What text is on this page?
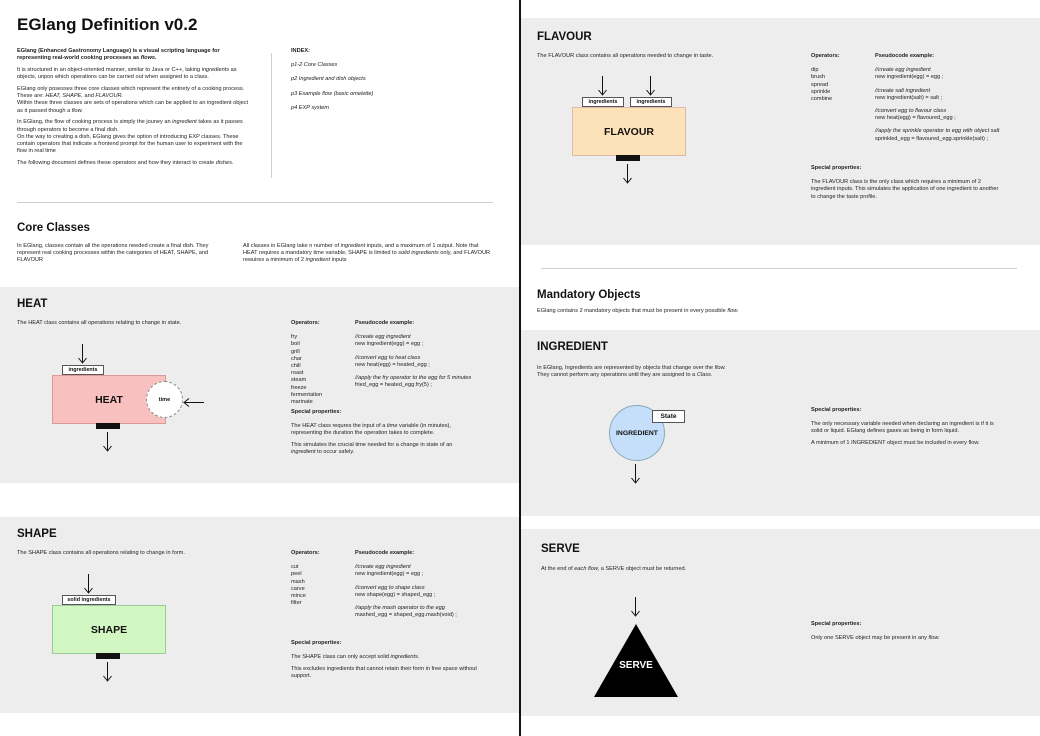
EGlang Definition v0.2

EGlang (Enhanced Gastronomy Language) is a visual scripting language for representing real-world cooking processes as flows.

It is structured in an object-oriented manner, similar to Java or C++, taking ingredients as objects, unpon which operations can be carried out when assigned to a class.

EGlang only posesses three core classes which represent the entirety of a cooking process. These are: HEAT, SHAPE, and FLAVOUR.
Within these three classes are sets of operations which can be applied to an ingredient object as it passed though a flow.

In EGlang, the flow of cooking process is simply the jouney an ingredient takes as it passes through operators to become a final dish.
On the way to creating a dish, EGlang gives the option of introducing EXP classes. These contain operators that indicate a frontend prompt for the human user to experiment with the flow in real time

The following document defines these operators and how they interact to create dishes.

INDEX:
p1-2 Core Classes
p2 Ingredient and dish objects
p3 Example flow (basic omelette)
p4 EXP system
Core Classes
In EGlang, classes contain all the operations needed create a final dish. They represent real cooking processes within the categories of HEAT, SHAPE, and FLAVOUR
All classes in EGlang take n number of ingredient inputs, and a maximum of 1 output. Note that HEAT requires a mandatory time variable, SHAPE is limited to solid ingredients only, and FLAVOUR rewuires a minimum of 2 ingredient inputs
HEAT
The HEAT class contains all operations relating to change in state.
ingredients
HEAT	time
Operators:
fry
boil
grill
char
chill
roast
steam
freeze
fermentation
marinate
Pseudocode example:
//create egg ingredient
new ingredient(egg) = egg ;
//convert egg to heat class
new heat(egg) = heated_egg ;
//apply the fry operator to the egg for 5 minutes
fried_egg = heated_egg.fry(5) ;
Special properties:

The HEAT class requres the input of a time variable (in minutes), representing the duration the operation takes to complete.

This simulates the crucial time needed for a change in state of an ingredient to occur safely.

SHAPE
The SHAPE class contains all operations relating to change in form.
solid ingredients
SHAPE
Operators:
cut
peel
mash
carve
mince
filter
Pseudocode example:
//create egg ingredient
new ingredient(egg) = egg ;
//convert egg to shape class
new shape(egg) = shaped_egg ;
//apply the mash operator to the egg
mashed_egg = shaped_egg.mash(void) ;
Special properties:

The SHAPE class can only accept solid ingredients.

This excludes ingredients that cannot retain their form in free space without support.

FLAVOUR
The FLAVOUR class contains all operations needed to change in taste.
ingredients	ingredients
FLAVOUR
Operators:
dip
brush
spread
sprinkle
combine
Pseudocode example:
//create egg ingredient
new ingredient(egg) = egg ;
//create salt ingredient
new ingredient(salt) = salt ;
//convert egg to flavour class
new heat(egg) = flavoured_egg ;
//apply the sprinkle operator to egg with object salt
sprinkled_egg = flavoured_egg.sprinkle(salt) ;
Special properties:

The FLAVOUR class is the only class which requires a minimum of 2 ingredient inputs. This simulates the application of one ingredient to another to change the taste profile.

Mandatory Objects
EGlang contains 2 mandatory objects that must be present in every possible flow.
INGREDIENT
In EGlang, Ingredients are represented by objects that change over the flow.
They cannot perform any operations until they are assigned to a Class.
INGREDIENT
State
Special properties:

The only necessary variable needed when declaring an ingredient is if it is solid or liquid. EGlang defines gases as being in form liquid.

A minimum of 1 INGREDIENT object must be included in every flow.

SERVE
At the end of each flow, a SERVE object must be returned.
SERVE
Special properties:

Only one SERVE object may be present in any flow.
